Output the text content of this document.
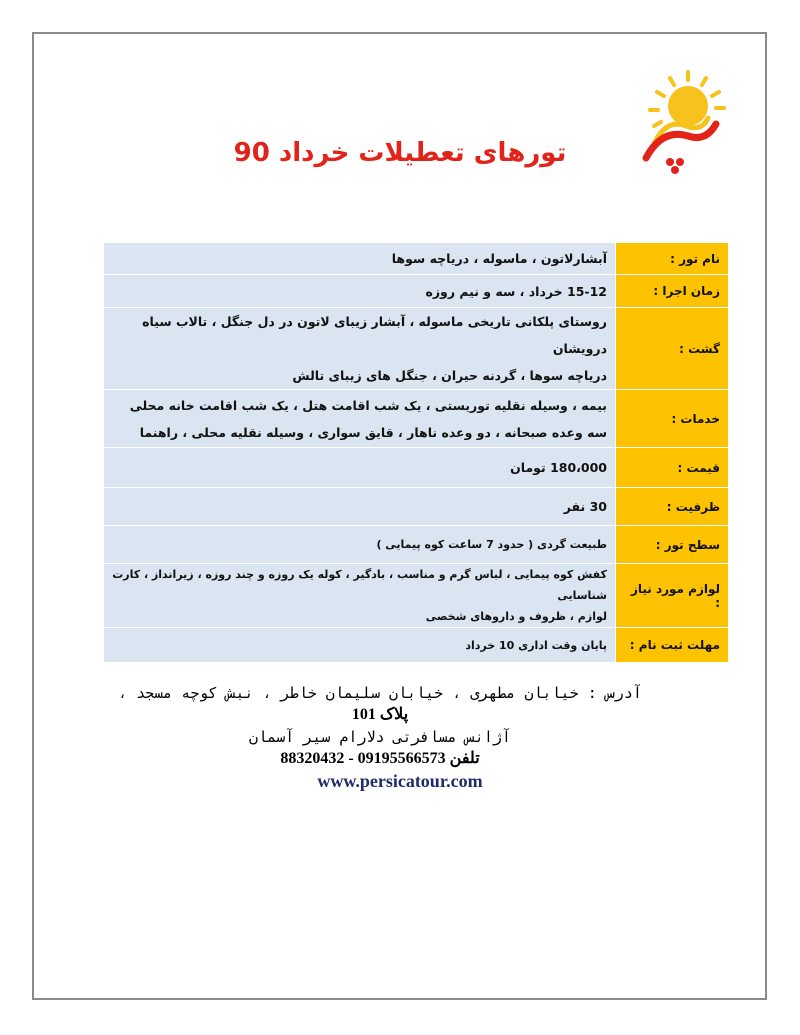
تورهای تعطیلات خرداد 90
نام تور :	آبشارلاتون ، ماسوله ، دریاچه سوها
زمان اجرا :	15-12 خرداد ، سه و نیم روزه
گشت :	روستای پلکانی تاریخی ماسوله ، آبشار زیبای لاتون در دل جنگل ، تالاب سیاه درویشان
دریاچه سوها ، گردنه حیران ، جنگل های زیبای تالش

خدمات :	بیمه ، وسیله نقلیه توریستی ، یک شب اقامت هتل ، یک شب اقامت خانه محلی
سه وعده صبحانه ، دو وعده ناهار ، قایق سواری ، وسیله نقلیه محلی ، راهنما

قیمت :	180،000 تومان
ظرفیت :	30 نفر
سطح تور :	طبیعت گردی ( حدود 7 ساعت کوه پیمایی )
لوازم مورد نیاز :	کفش کوه پیمایی ، لباس گرم و مناسب ، بادگیر ، کوله یک روزه و چند روزه ، زیرانداز ، کارت شناسایی
لوازم ، ظروف و داروهای شخصی

مهلت ثبت نام :	پایان وقت اداری 10 خرداد
آدرس : خیابان مطهری ، خیابان سلیمان خاطر ، نبش کوچه مسجد ،
پلاک 101
آژانس مسافرتی دلارام سیر آسمان
تلفن 09195566573 - 88320432
www.persicatour.com
